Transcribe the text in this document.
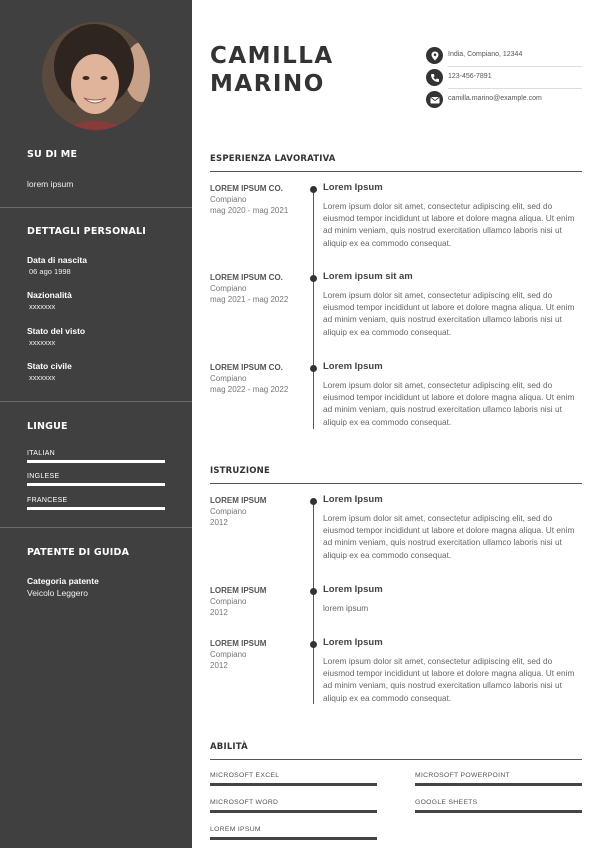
SU DI ME
lorem ipsum
DETTAGLI PERSONALI
Data di nascita
06 ago 1998
Nazionalità
xxxxxxx
Stato del visto
xxxxxxx
Stato civile
xxxxxxx
LINGUE
ITALIAN
INGLESE
FRANCESE
PATENTE DI GUIDA
Categoria patente
Veicolo Leggero
CAMILLA
MARINO
India, Compiano, 12344
123-456-7891
camilla.marino@example.com
ESPERIENZA LAVORATIVA
LOREM IPSUM CO.
Compiano
mag 2020 - mag 2021
Lorem Ipsum
Lorem ipsum dolor sit amet, consectetur adipiscing elit, sed do eiusmod tempor incididunt ut labore et dolore magna aliqua. Ut enim ad minim veniam, quis nostrud exercitation ullamco laboris nisi ut aliquip ex ea commodo consequat.
LOREM IPSUM CO.
Compiano
mag 2021 - mag 2022
Lorem ipsum sit am
Lorem ipsum dolor sit amet, consectetur adipiscing elit, sed do eiusmod tempor incididunt ut labore et dolore magna aliqua. Ut enim ad minim veniam, quis nostrud exercitation ullamco laboris nisi ut aliquip ex ea commodo consequat.
LOREM IPSUM CO.
Compiano
mag 2022 - mag 2022
Lorem Ipsum
Lorem ipsum dolor sit amet, consectetur adipiscing elit, sed do eiusmod tempor incididunt ut labore et dolore magna aliqua. Ut enim ad minim veniam, quis nostrud exercitation ullamco laboris nisi ut aliquip ex ea commodo consequat.
ISTRUZIONE
LOREM IPSUM
Compiano
2012
Lorem Ipsum
Lorem ipsum dolor sit amet, consectetur adipiscing elit, sed do eiusmod tempor incididunt ut labore et dolore magna aliqua. Ut enim ad minim veniam, quis nostrud exercitation ullamco laboris nisi ut aliquip ex ea commodo consequat.
LOREM IPSUM
Compiano
2012
Lorem Ipsum
lorem ipsum
LOREM IPSUM
Compiano
2012
Lorem Ipsum
Lorem ipsum dolor sit amet, consectetur adipiscing elit, sed do eiusmod tempor incididunt ut labore et dolore magna aliqua. Ut enim ad minim veniam, quis nostrud exercitation ullamco laboris nisi ut aliquip ex ea commodo consequat.
ABILITÀ
MICROSOFT EXCEL	MICROSOFT POWERPOINT
MICROSOFT WORD	GOOGLE SHEETS
LOREM IPSUM
